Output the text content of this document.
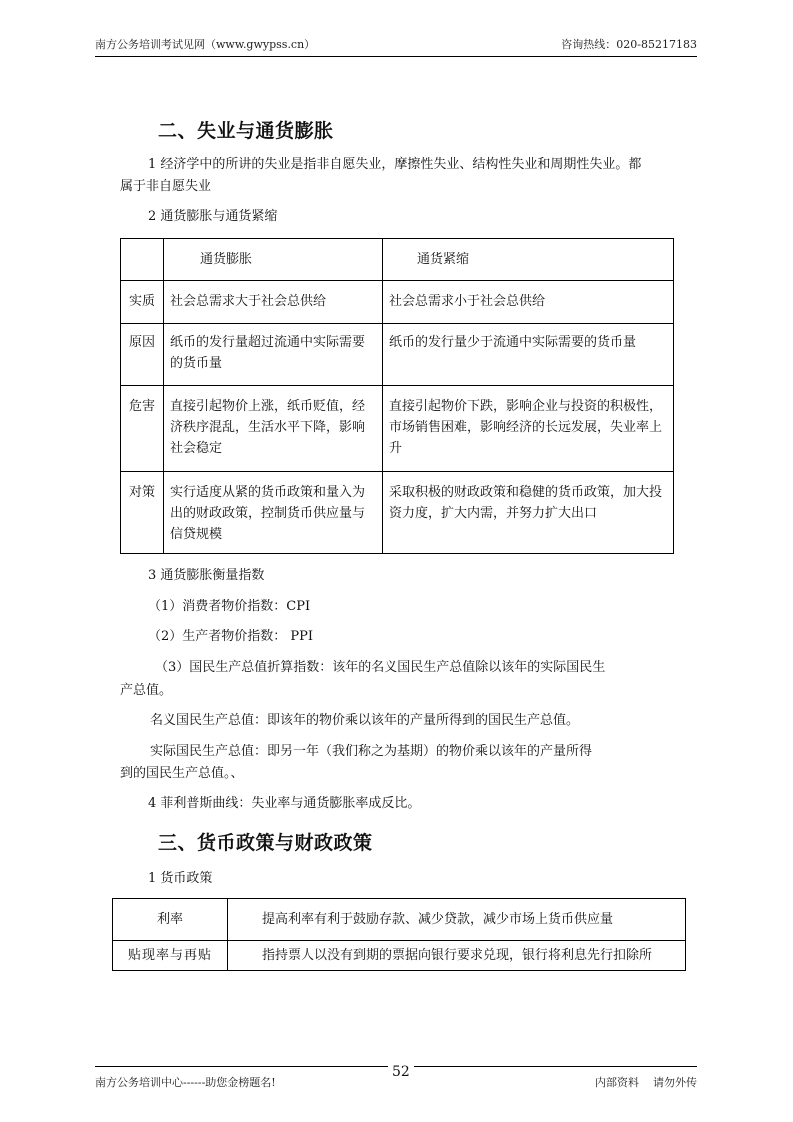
南方公务培训考试见网（www.gwypss.cn）	咨询热线：020-85217183
二、失业与通货膨胀
1 经济学中的所讲的失业是指非自愿失业，摩擦性失业、结构性失业和周期性失业。都
属于非自愿失业
2 通货膨胀与通货紧缩
	通货膨胀	通货紧缩
实质	社会总需求大于社会总供给	社会总需求小于社会总供给
原因	纸币的发行量超过流通中实际需要的货币量	纸币的发行量少于流通中实际需要的货币量
危害	直接引起物价上涨，纸币贬值，经济秩序混乱，生活水平下降，影响社会稳定	直接引起物价下跌，影响企业与投资的积极性，市场销售困难，影响经济的长远发展，失业率上升
对策	实行适度从紧的货币政策和量入为出的财政政策，控制货币供应量与信贷规模	采取积极的财政政策和稳健的货币政策，加大投资力度，扩大内需，并努力扩大出口
3 通货膨胀衡量指数
（1）消费者物价指数：CPI
（2）生产者物价指数： PPI
（3）国民生产总值折算指数：该年的名义国民生产总值除以该年的实际国民生
产总值。
名义国民生产总值：即该年的物价乘以该年的产量所得到的国民生产总值。
实际国民生产总值：即另一年（我们称之为基期）的物价乘以该年的产量所得
到的国民生产总值。、
4 菲利普斯曲线：失业率与通货膨胀率成反比。
三、货币政策与财政政策
1 货币政策
利率	提高利率有利于鼓励存款、减少贷款，减少市场上货币供应量
贴现率与再贴	指持票人以没有到期的票据向银行要求兑现，银行将利息先行扣除所
52
南方公务培训中心------助您金榜题名!	内部资料    请勿外传
